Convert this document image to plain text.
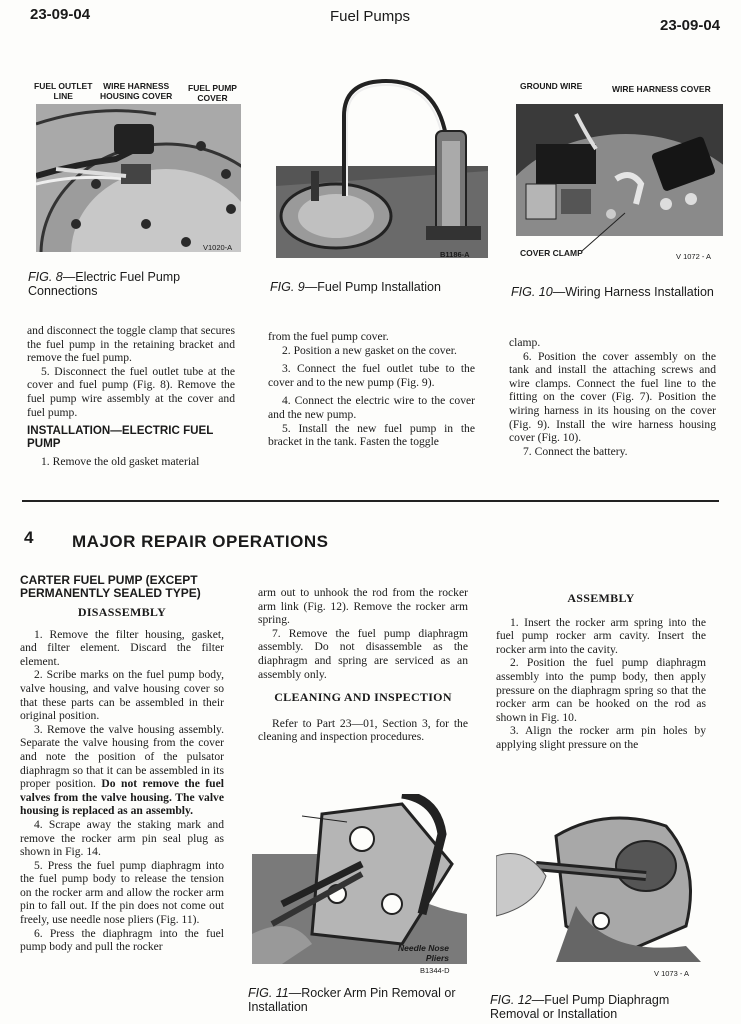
23-09-04	Fuel Pumps
23-09-04
FUEL OUTLET
LINE
WIRE HARNESS
HOUSING COVER
FUEL PUMP
COVER
V1020-A
FIG. 8—Electric Fuel Pump Connections
B1186-A
FIG. 9—Fuel Pump Installation
GROUND WIRE	WIRE HARNESS COVER
COVER CLAMP	V 1072 - A
FIG. 10—Wiring Harness Installation

and disconnect the toggle clamp that secures the fuel pump in the retaining bracket and remove the fuel pump.

5. Disconnect the fuel outlet tube at the cover and fuel pump (Fig. 8). Remove the fuel pump wire assembly at the cover and fuel pump.

INSTALLATION—ELECTRIC FUEL PUMP

1. Remove the old gasket material

from the fuel pump cover.

2. Position a new gasket on the cover.

3. Connect the fuel outlet tube to the cover and to the new pump (Fig. 9).

4. Connect the electric wire to the cover and the new pump.

5. Install the new fuel pump in the bracket in the tank. Fasten the toggle

clamp.

6. Position the cover assembly on the tank and install the attaching screws and wire clamps. Connect the fuel line to the fitting on the cover (Fig. 7). Position the wiring harness in its housing on the cover (Fig. 9). Install the wire harness housing cover (Fig. 10).

7. Connect the battery.

4 MAJOR REPAIR OPERATIONS

CARTER FUEL PUMP (EXCEPT PERMANENTLY SEALED TYPE)

DISASSEMBLY

1. Remove the filter housing, gasket, and filter element. Discard the filter element.

2. Scribe marks on the fuel pump body, valve housing, and valve housing cover so that these parts can be assembled in their original position.

3. Remove the valve housing assembly. Separate the valve housing from the cover and note the position of the pulsator diaphragm so that it can be assembled in its proper position. Do not remove the fuel valves from the valve housing. The valve housing is replaced as an assembly.

4. Scrape away the staking mark and remove the rocker arm pin seal plug as shown in Fig. 14.

5. Press the fuel pump diaphragm into the fuel pump body to release the tension on the rocker arm and allow the rocker arm pin to fall out. If the pin does not come out freely, use needle nose pliers (Fig. 11).

6. Press the diaphragm into the fuel pump body and pull the rocker

arm out to unhook the rod from the rocker arm link (Fig. 12). Remove the rocker arm spring.

7. Remove the fuel pump diaphragm assembly. Do not disassemble as the diaphragm and spring are serviced as an assembly only.

CLEANING AND INSPECTION

Refer to Part 23—01, Section 3, for the cleaning and inspection procedures.

Needle Nose
Pliers
B1344-D
FIG. 11—Rocker Arm Pin Removal or Installation

ASSEMBLY

1. Insert the rocker arm spring into the fuel pump rocker arm cavity. Insert the rocker arm into the cavity.

2. Position the fuel pump diaphragm assembly into the pump body, then apply pressure on the diaphragm spring so that the rocker arm can be hooked on the rod as shown in Fig. 10.

3. Align the rocker arm pin holes by applying slight pressure on the

V 1073 - A
FIG. 12—Fuel Pump Diaphragm Removal or Installation
